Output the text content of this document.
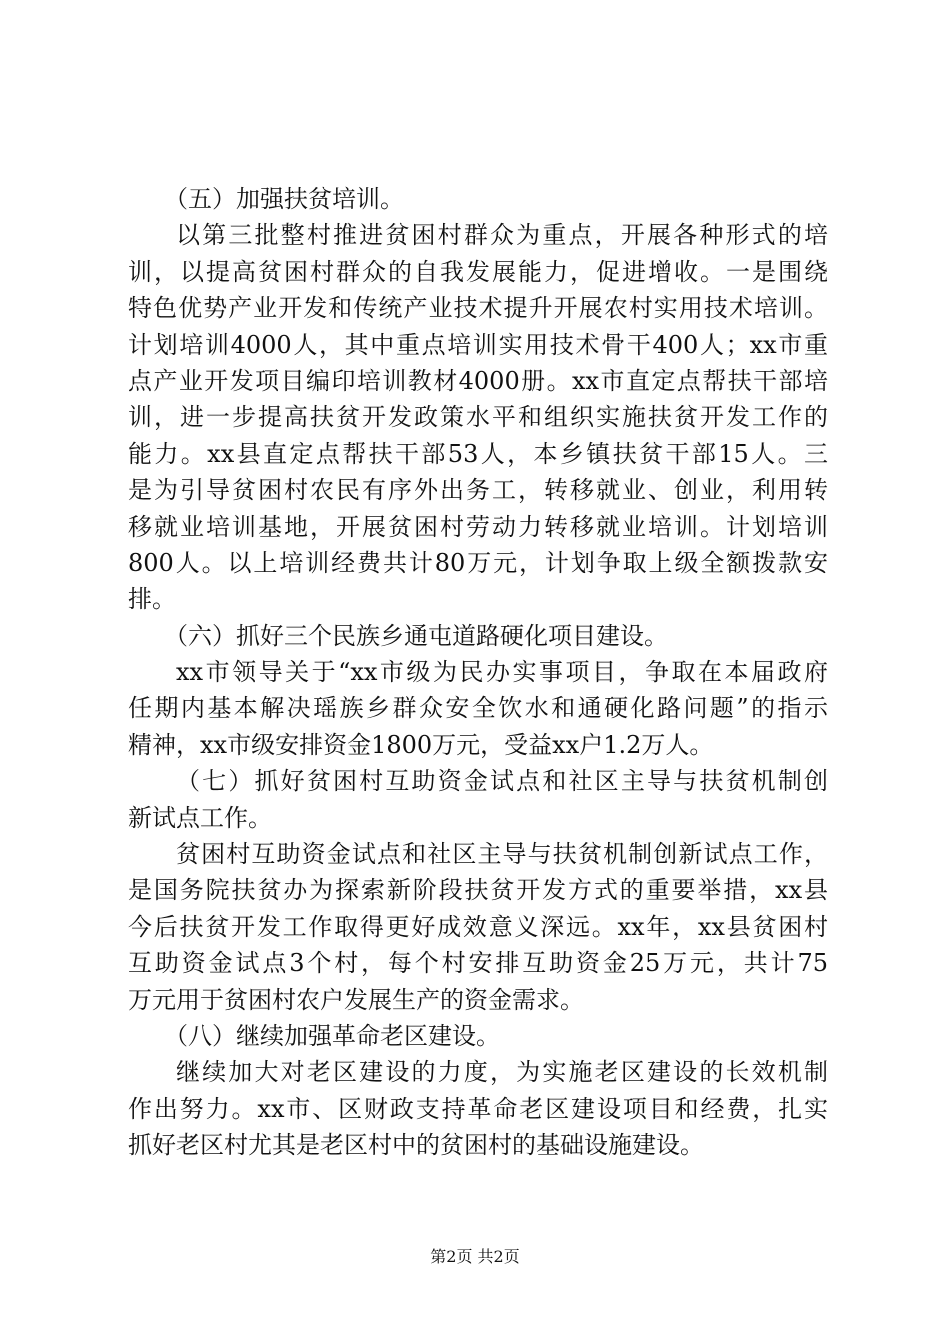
（五）加强扶贫培训。
以第三批整村推进贫困村群众为重点，开展各种形式的培
训，以提高贫困村群众的自我发展能力，促进增收。一是围绕
特色优势产业开发和传统产业技术提升开展农村实用技术培训。
计划培训4000人，其中重点培训实用技术骨干400人；xx市重
点产业开发项目编印培训教材4000册。xx市直定点帮扶干部培
训，进一步提高扶贫开发政策水平和组织实施扶贫开发工作的
能力。xx县直定点帮扶干部53人，本乡镇扶贫干部15人。三
是为引导贫困村农民有序外出务工，转移就业、创业，利用转
移就业培训基地，开展贫困村劳动力转移就业培训。计划培训
800人。以上培训经费共计80万元，计划争取上级全额拨款安
排。
（六）抓好三个民族乡通屯道路硬化项目建设。
xx市领导关于“xx市级为民办实事项目，争取在本届政府
任期内基本解决瑶族乡群众安全饮水和通硬化路问题”的指示
精神，xx市级安排资金1800万元，受益xx户1.2万人。
（七）抓好贫困村互助资金试点和社区主导与扶贫机制创
新试点工作。
贫困村互助资金试点和社区主导与扶贫机制创新试点工作，
是国务院扶贫办为探索新阶段扶贫开发方式的重要举措，xx县
今后扶贫开发工作取得更好成效意义深远。xx年，xx县贫困村
互助资金试点3个村，每个村安排互助资金25万元，共计75
万元用于贫困村农户发展生产的资金需求。
（八）继续加强革命老区建设。
继续加大对老区建设的力度，为实施老区建设的长效机制
作出努力。xx市、区财政支持革命老区建设项目和经费，扎实
抓好老区村尤其是老区村中的贫困村的基础设施建设。
第2页 共2页
